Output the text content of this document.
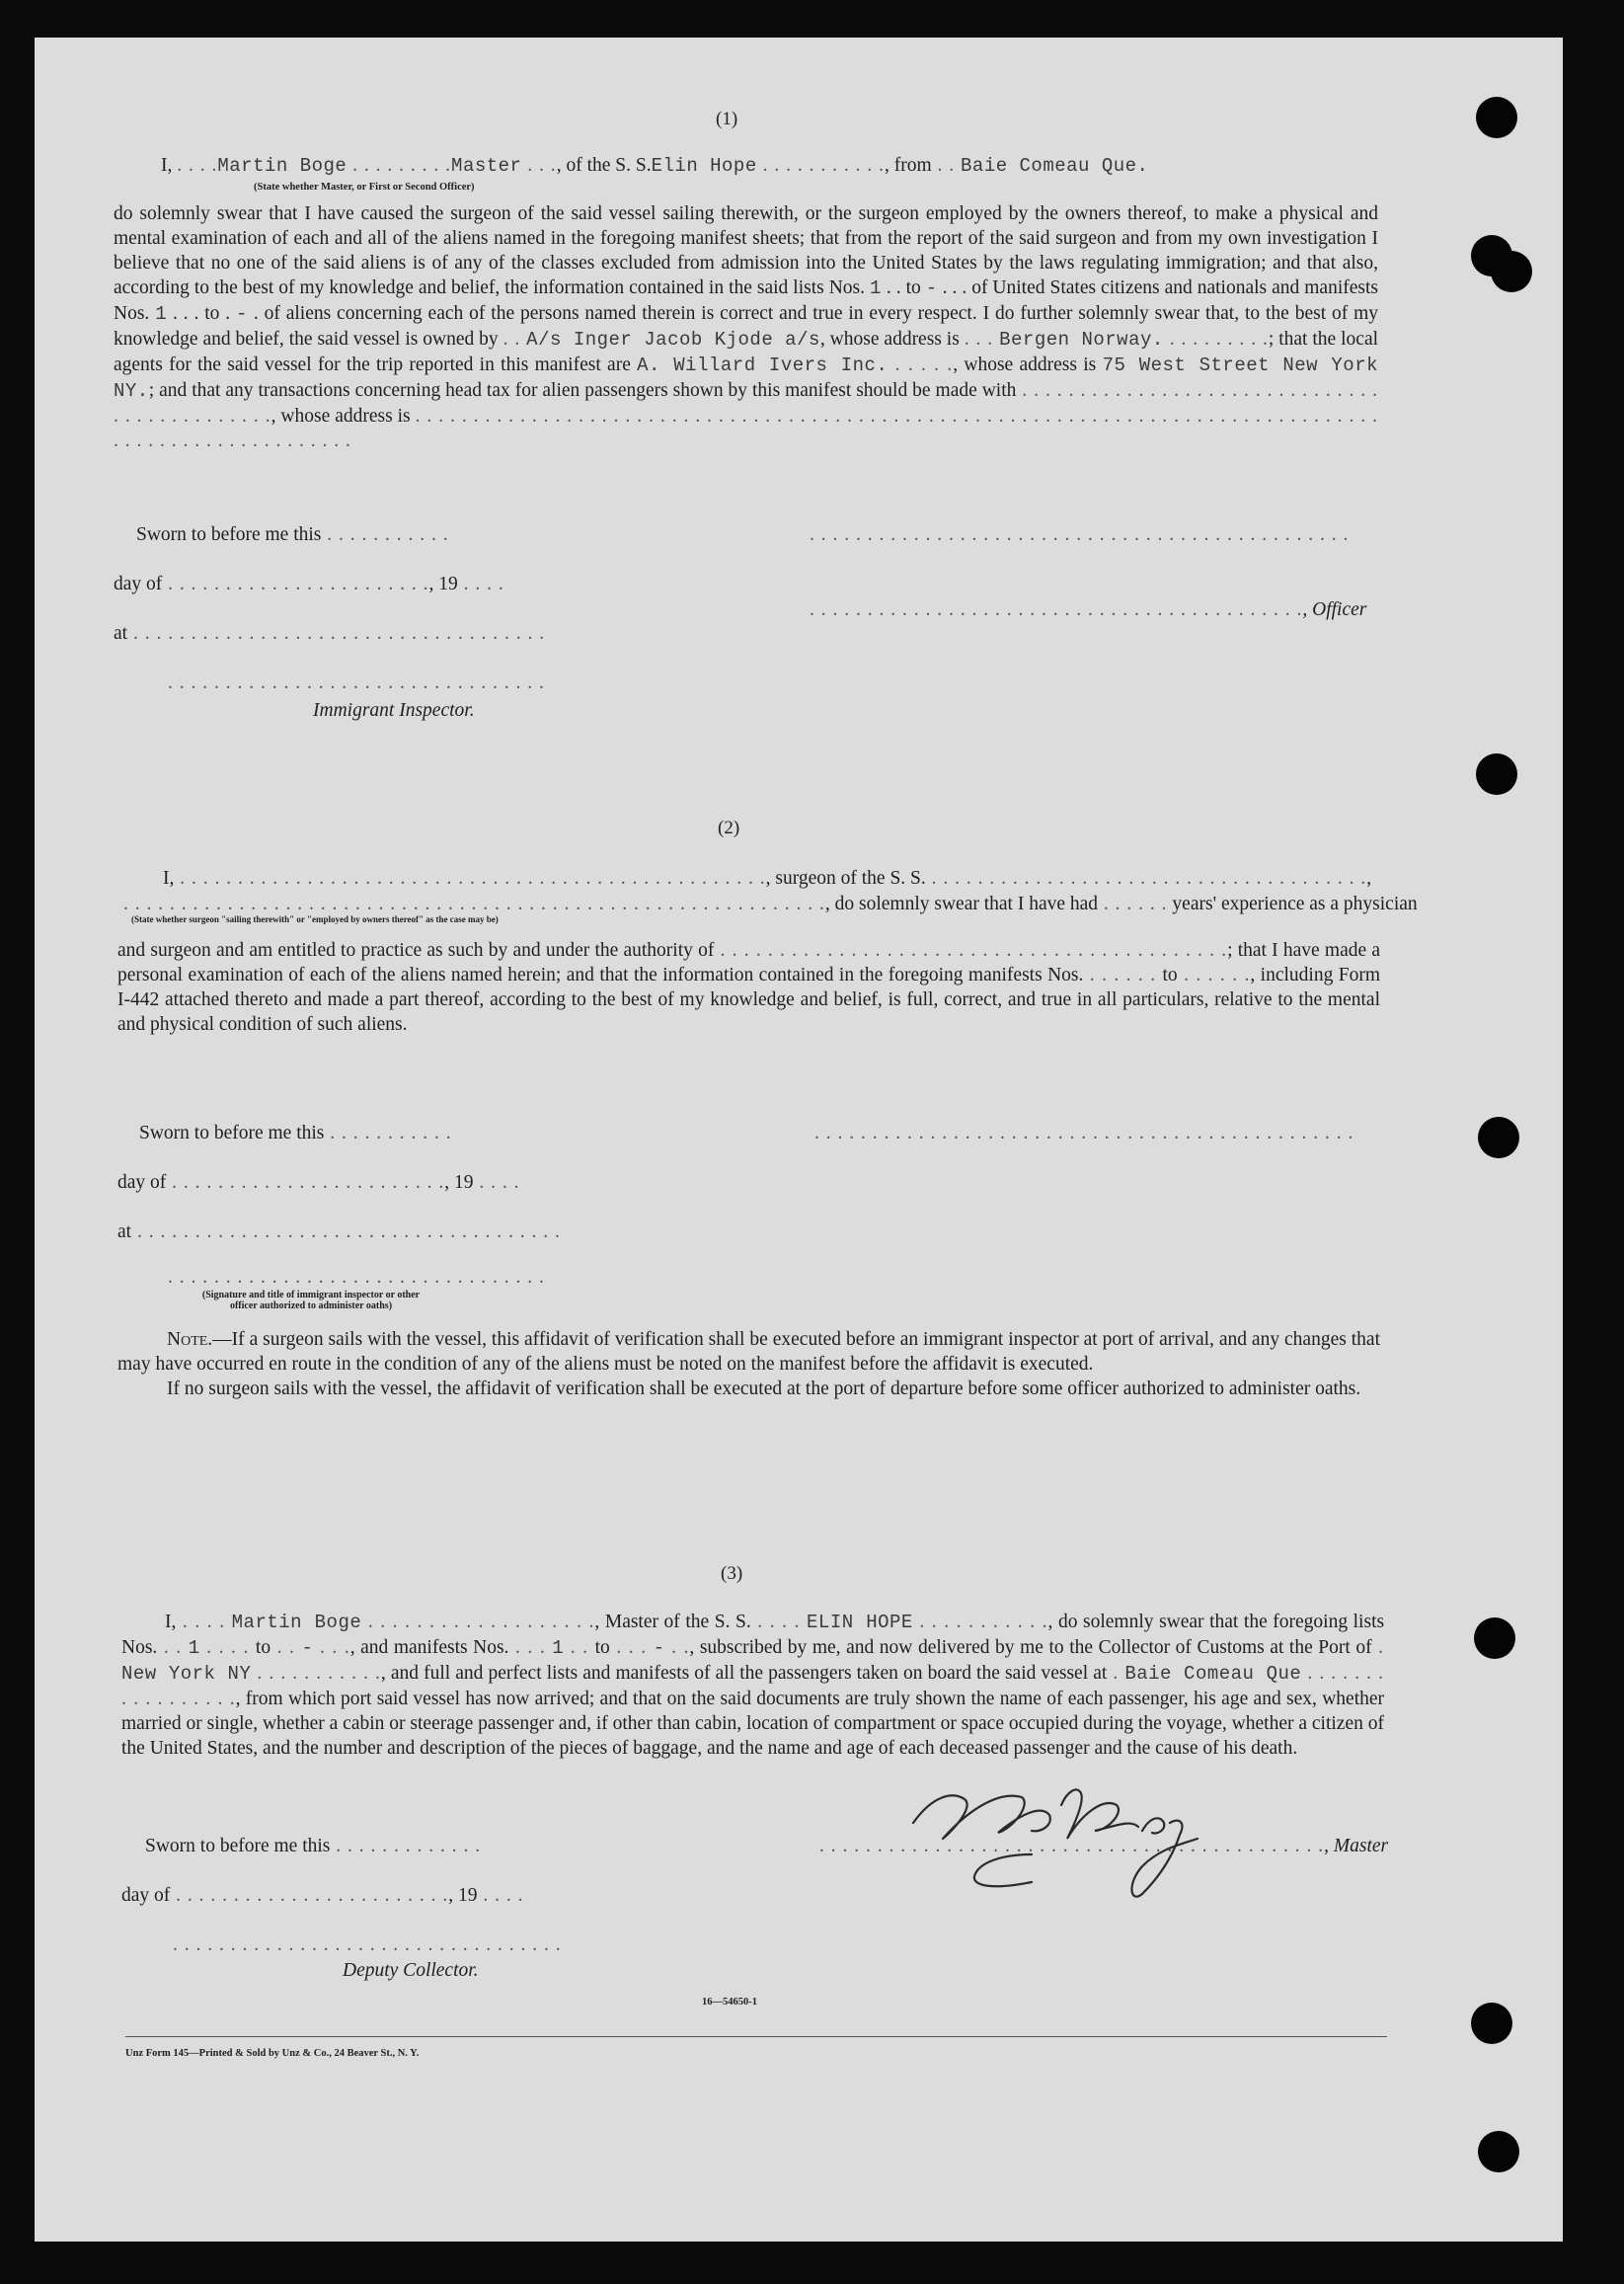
(1)
I, . . . .Martin Boge . . . . . . . . .Master . . ., of the S. S.Elin Hope . . . . . . . . . . ., from . . Baie Comeau Que.
(State whether Master, or First or Second Officer)

do solemnly swear that I have caused the surgeon of the said vessel sailing therewith, or the surgeon employed by the owners thereof, to make a physical and mental examination of each and all of the aliens named in the foregoing manifest sheets; that from the report of the said surgeon and from my own investigation I believe that no one of the said aliens is of any of the classes excluded from admission into the United States by the laws regulating immigration; and that also, according to the best of my knowledge and belief, the information contained in the said lists Nos. 1 . . to - . . . of United States citizens and nationals and manifests Nos. 1 . . . to . - . of aliens concerning each of the persons named therein is correct and true in every respect. I do further solemnly swear that, to the best of my knowledge and belief, the said vessel is owned by . . A/s Inger Jacob Kjode a/s, whose address is . . . Bergen Norway. . . . . . . . . .; that the local agents for the said vessel for the trip reported in this manifest are A. Willard Ivers Inc. . . . . ., whose address is 75 West Street New York NY.; and that any transactions concerning head tax for alien passengers shown by this manifest should be made with . . . . . . . . . . . . . . . . . . . . . . . . . . . . . . . . . . . . . . . . . . . . ., whose address is . . . . . . . . . . . . . . . . . . . . . . . . . . . . . . . . . . . . . . . . . . . . . . . . . . . . . . . . . . . . . . . . . . . . . . . . . . . . . . . . . . . . . . . . . . . . . . . . . . . . . . . .

Sworn to before me this . . . . . . . . . . .	. . . . . . . . . . . . . . . . . . . . . . . . . . . . . . . . . . . . . . . . . . . . . . .
day of . . . . . . . . . . . . . . . . . . . . . . ., 19 . . . .
. . . . . . . . . . . . . . . . . . . . . . . . . . . . . . . . . . . . . . . . . . ., Officer
at . . . . . . . . . . . . . . . . . . . . . . . . . . . . . . . . . . . .
. . . . . . . . . . . . . . . . . . . . . . . . . . . . . . . . .
Immigrant Inspector.
(2)
I, . . . . . . . . . . . . . . . . . . . . . . . . . . . . . . . . . . . . . . . . . . . . . . . . . . ., surgeon of the S. S. . . . . . . . . . . . . . . . . . . . . . . . . . . . . . . . . . . . . . .,
. . . . . . . . . . . . . . . . . . . . . . . . . . . . . . . . . . . . . . . . . . . . . . . . . . . . . . . . . . . . ., do solemnly swear that I have had . . . . . . years' experience as a physician
(State whether surgeon "sailing therewith" or "employed by owners thereof" as the case may be)

and surgeon and am entitled to practice as such by and under the authority of . . . . . . . . . . . . . . . . . . . . . . . . . . . . . . . . . . . . . . . . . . .; that I have made a personal examination of each of the aliens named herein; and that the information contained in the foregoing manifests Nos. . . . . . . to . . . . . ., including Form I-442 attached thereto and made a part thereof, according to the best of my knowledge and belief, is full, correct, and true in all particulars, relative to the mental and physical condition of such aliens.

Sworn to before me this . . . . . . . . . . .	. . . . . . . . . . . . . . . . . . . . . . . . . . . . . . . . . . . . . . . . . . . . . . .
day of . . . . . . . . . . . . . . . . . . . . . . . ., 19 . . . .
at . . . . . . . . . . . . . . . . . . . . . . . . . . . . . . . . . . . . .
. . . . . . . . . . . . . . . . . . . . . . . . . . . . . . . . .
(Signature and title of immigrant inspector or other officer authorized to administer oaths)

Note.—If a surgeon sails with the vessel, this affidavit of verification shall be executed before an immigrant inspector at port of arrival, and any changes that may have occurred en route in the condition of any of the aliens must be noted on the manifest before the affidavit is executed.

If no surgeon sails with the vessel, the affidavit of verification shall be executed at the port of departure before some officer authorized to administer oaths.

(3)

I, . . . . Martin Boge . . . . . . . . . . . . . . . . . . ., Master of the S. S. . . . . ELIN HOPE . . . . . . . . . . ., do solemnly swear that the foregoing lists Nos. . . 1 . . . . to . . - . . ., and manifests Nos. . . . 1 . . to . . . - . ., subscribed by me, and now delivered by me to the Collector of Customs at the Port of . New York NY . . . . . . . . . . ., and full and perfect lists and manifests of all the passengers taken on board the said vessel at . Baie Comeau Que . . . . . . . . . . . . . . . . ., from which port said vessel has now arrived; and that on the said documents are truly shown the name of each passenger, his age and sex, whether married or single, whether a cabin or steerage passenger and, if other than cabin, location of compartment or space occupied during the voyage, whether a citizen of the United States, and the number and description of the pieces of baggage, and the name and age of each deceased passenger and the cause of his death.

Sworn to before me this . . . . . . . . . . . . .	. . . . . . . . . . . . . . . . . . . . . . . . . . . . . . . . . . . . . . . . . . . ., Master
day of . . . . . . . . . . . . . . . . . . . . . . . ., 19 . . . .
. . . . . . . . . . . . . . . . . . . . . . . . . . . . . . . . . .
Deputy Collector.
16—54650-1
Unz Form 145—Printed & Sold by Unz & Co., 24 Beaver St., N. Y.
